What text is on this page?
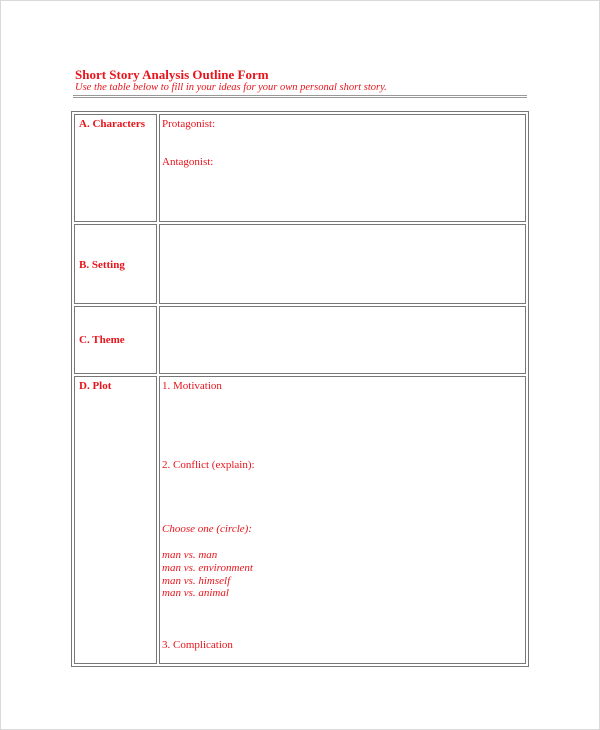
Short Story Analysis Outline Form
Use the table below to fill in your ideas for your own personal short story.
A. Characters Protagonist:
Antagonist:
B. Setting
C. Theme
D. Plot	1. Motivation
2. Conflict (explain):
Choose one (circle):
man vs. man
man vs. environment
man vs. himself
man vs. animal
3. Complication
